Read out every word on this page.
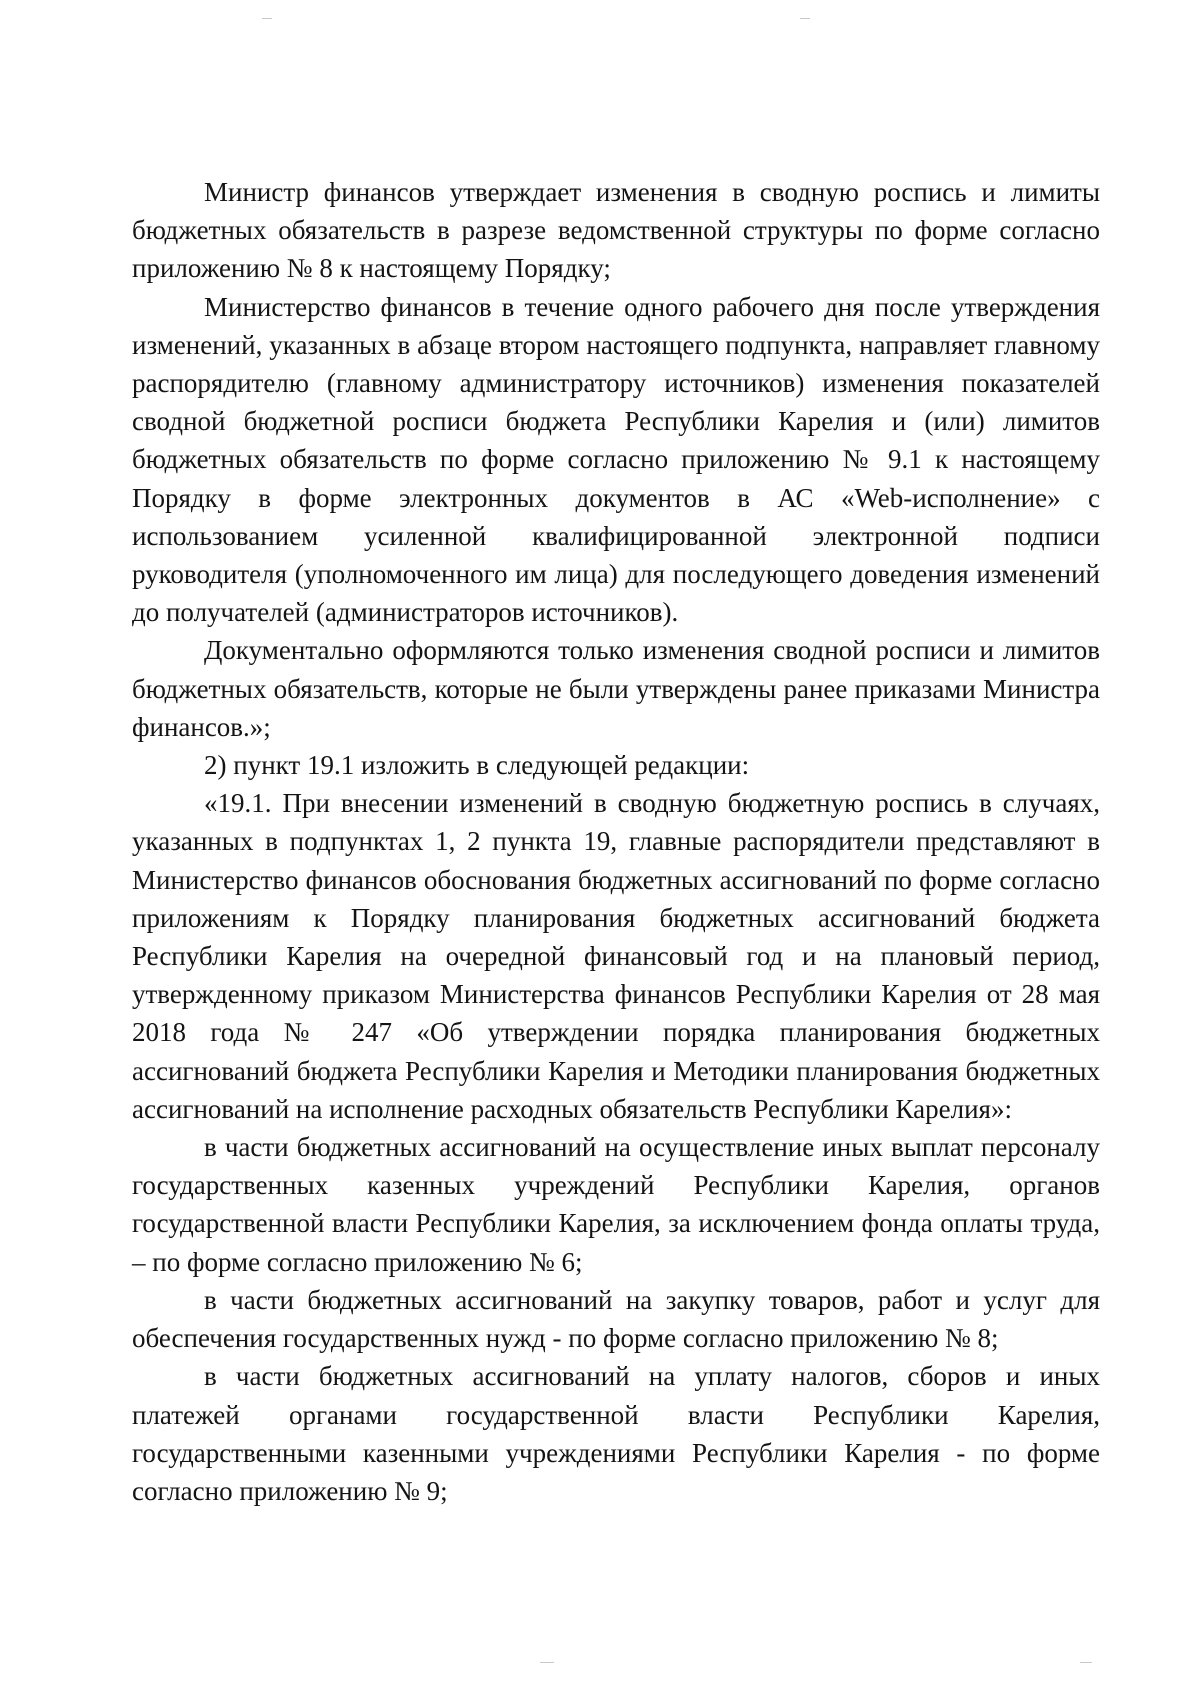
Министр финансов утверждает изменения в сводную роспись и лимиты бюджетных обязательств в разрезе ведомственной структуры по форме согласно приложению № 8 к настоящему Порядку;

Министерство финансов в течение одного рабочего дня после утверждения изменений, указанных в абзаце втором настоящего подпункта, направляет главному распорядителю (главному администратору источников) изменения показателей сводной бюджетной росписи бюджета Республики Карелия и (или) лимитов бюджетных обязательств по форме согласно приложению № 9.1 к настоящему Порядку в форме электронных документов в АС «Web-исполнение» с использованием усиленной квалифицированной электронной подписи руководителя (уполномоченного им лица) для последующего доведения изменений до получателей (администраторов источников).

Документально оформляются только изменения сводной росписи и лимитов бюджетных обязательств, которые не были утверждены ранее приказами Министра финансов.»;

2) пункт 19.1 изложить в следующей редакции:

«19.1. При внесении изменений в сводную бюджетную роспись в случаях, указанных в подпунктах 1, 2 пункта 19, главные распорядители представляют в Министерство финансов обоснования бюджетных ассигнований по форме согласно приложениям к Порядку планирования бюджетных ассигнований бюджета Республики Карелия на очередной финансовый год и на плановый период, утвержденному приказом Министерства финансов Республики Карелия от 28 мая 2018 года № 247 «Об утверждении порядка планирования бюджетных ассигнований бюджета Республики Карелия и Методики планирования бюджетных ассигнований на исполнение расходных обязательств Республики Карелия»:

в части бюджетных ассигнований на осуществление иных выплат персоналу государственных казенных учреждений Республики Карелия, органов государственной власти Республики Карелия, за исключением фонда оплаты труда, – по форме согласно приложению № 6;

в части бюджетных ассигнований на закупку товаров, работ и услуг для обеспечения государственных нужд - по форме согласно приложению № 8;

в части бюджетных ассигнований на уплату налогов, сборов и иных платежей органами государственной власти Республики Карелия, государственными казенными учреждениями Республики Карелия - по форме согласно приложению № 9;
